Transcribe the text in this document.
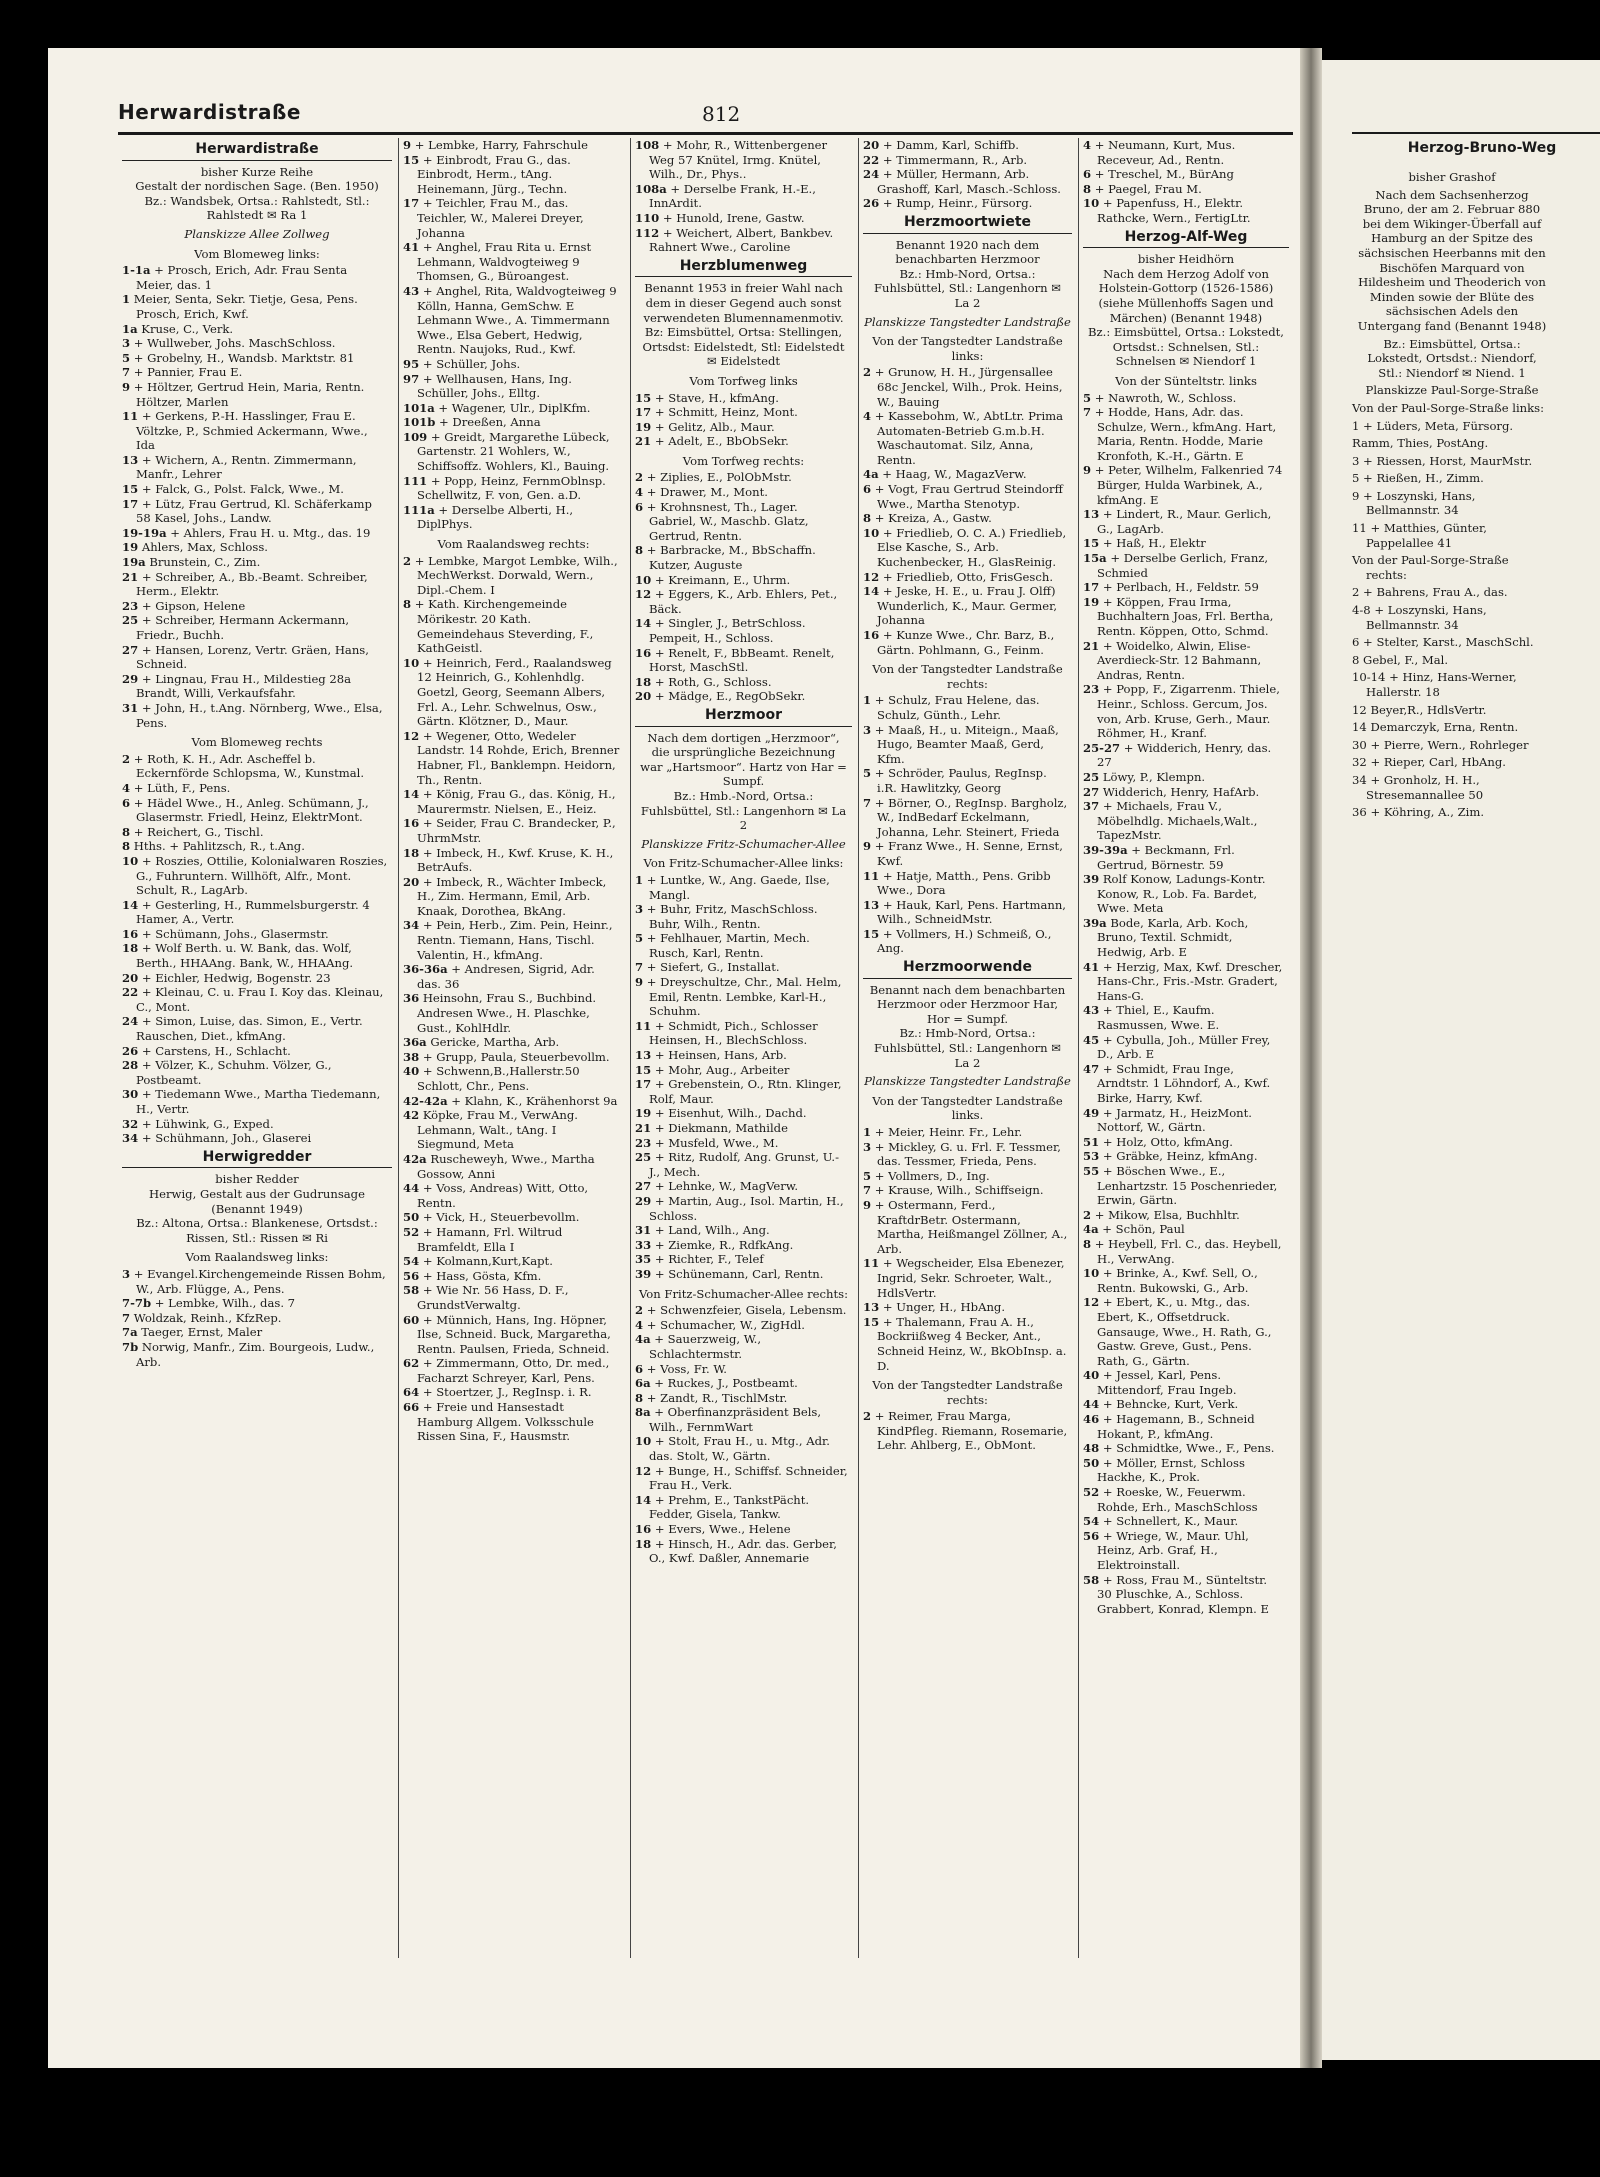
Herwardistraße	812
Herwardistraße

bisher Kurze Reihe

Gestalt der nordischen Sage. (Ben. 1950)

Bz.: Wandsbek, Ortsa.: Rahlstedt, Stl.: Rahlstedt ✉ Ra 1

Planskizze Allee Zollweg

Vom Blomeweg links:

1-1a + Prosch, Erich, Adr. Frau Senta Meier, das. 1

1 Meier, Senta, Sekr. Tietje, Gesa, Pens. Prosch, Erich, Kwf.

1a Kruse, C., Verk.

3 + Wullweber, Johs. MaschSchloss.

5 + Grobelny, H., Wandsb. Marktstr. 81

7 + Pannier, Frau E.

9 + Höltzer, Gertrud Hein, Maria, Rentn. Höltzer, Marlen

11 + Gerkens, P.-H. Hasslinger, Frau E. Völtzke, P., Schmied Ackermann, Wwe., Ida

13 + Wichern, A., Rentn. Zimmermann, Manfr., Lehrer

15 + Falck, G., Polst. Falck, Wwe., M.

17 + Lütz, Frau Gertrud, Kl. Schäferkamp 58 Kasel, Johs., Landw.

19-19a + Ahlers, Frau H. u. Mtg., das. 19

19 Ahlers, Max, Schloss.

19a Brunstein, C., Zim.

21 + Schreiber, A., Bb.-Beamt. Schreiber, Herm., Elektr.

23 + Gipson, Helene

25 + Schreiber, Hermann Ackermann, Friedr., Buchh.

27 + Hansen, Lorenz, Vertr. Gräen, Hans, Schneid.

29 + Lingnau, Frau H., Mildestieg 28a Brandt, Willi, Verkaufsfahr.

31 + John, H., t.Ang. Nörnberg, Wwe., Elsa, Pens.

Vom Blomeweg rechts

2 + Roth, K. H., Adr. Ascheffel b. Eckernförde Schlopsma, W., Kunstmal.

4 + Lüth, F., Pens.

6 + Hädel Wwe., H., Anleg. Schümann, J., Glasermstr. Friedl, Heinz, ElektrMont.

8 + Reichert, G., Tischl.

8 Hths. + Pahlitzsch, R., t.Ang.

10 + Roszies, Ottilie, Kolonialwaren Roszies, G., Fuhruntern. Willhöft, Alfr., Mont. Schult, R., LagArb.

14 + Gesterling, H., Rummelsburgerstr. 4 Hamer, A., Vertr.

16 + Schümann, Johs., Glasermstr.

18 + Wolf Berth. u. W. Bank, das. Wolf, Berth., HHAAng. Bank, W., HHAAng.

20 + Eichler, Hedwig, Bogenstr. 23

22 + Kleinau, C. u. Frau I. Koy das. Kleinau, C., Mont.

24 + Simon, Luise, das. Simon, E., Vertr. Rauschen, Diet., kfmAng.

26 + Carstens, H., Schlacht.

28 + Völzer, K., Schuhm. Völzer, G., Postbeamt.

30 + Tiedemann Wwe., Martha Tiedemann, H., Vertr.

32 + Lühwink, G., Exped.

34 + Schühmann, Joh., Glaserei

Herwigredder

bisher Redder

Herwig, Gestalt aus der Gudrunsage (Benannt 1949)

Bz.: Altona, Ortsa.: Blankenese, Ortsdst.: Rissen, Stl.: Rissen ✉ Ri

Vom Raalandsweg links:

3 + Evangel.Kirchengemeinde Rissen Bohm, W., Arb. Flügge, A., Pens.

7-7b + Lembke, Wilh., das. 7

7 Woldzak, Reinh., KfzRep.

7a Taeger, Ernst, Maler

7b Norwig, Manfr., Zim. Bourgeois, Ludw., Arb.

9 + Lembke, Harry, Fahrschule

15 + Einbrodt, Frau G., das. Einbrodt, Herm., tAng. Heinemann, Jürg., Techn.

17 + Teichler, Frau M., das. Teichler, W., Malerei Dreyer, Johanna

41 + Anghel, Frau Rita u. Ernst Lehmann, Waldvogteiweg 9 Thomsen, G., Büroangest.

43 + Anghel, Rita, Waldvogteiweg 9 Kölln, Hanna, GemSchw. E Lehmann Wwe., A. Timmermann Wwe., Elsa Gebert, Hedwig, Rentn. Naujoks, Rud., Kwf.

95 + Schüller, Johs.

97 + Wellhausen, Hans, Ing. Schüller, Johs., Elltg.

101a + Wagener, Ulr., DiplKfm.

101b + Dreeßen, Anna

109 + Greidt, Margarethe Lübeck, Gartenstr. 21 Wohlers, W., Schiffsoffz. Wohlers, Kl., Bauing.

111 + Popp, Heinz, FernmOblnsp. Schellwitz, F. von, Gen. a.D.

111a + Derselbe Alberti, H., DiplPhys.

Vom Raalandsweg rechts:

2 + Lembke, Margot Lembke, Wilh., MechWerkst. Dorwald, Wern., Dipl.-Chem. I

8 + Kath. Kirchengemeinde Mörikestr. 20 Kath. Gemeindehaus Steverding, F., KathGeistl.

10 + Heinrich, Ferd., Raalandsweg 12 Heinrich, G., Kohlenhdlg. Goetzl, Georg, Seemann Albers, Frl. A., Lehr. Schwelnus, Osw., Gärtn. Klötzner, D., Maur.

12 + Wegener, Otto, Wedeler Landstr. 14 Rohde, Erich, Brenner Habner, Fl., Banklempn. Heidorn, Th., Rentn.

14 + König, Frau G., das. König, H., Maurermstr. Nielsen, E., Heiz.

16 + Seider, Frau C. Brandecker, P., UhrmMstr.

18 + Imbeck, H., Kwf. Kruse, K. H., BetrAufs.

20 + Imbeck, R., Wächter Imbeck, H., Zim. Hermann, Emil, Arb. Knaak, Dorothea, BkAng.

34 + Pein, Herb., Zim. Pein, Heinr., Rentn. Tiemann, Hans, Tischl. Valentin, H., kfmAng.

36-36a + Andresen, Sigrid, Adr. das. 36

36 Heinsohn, Frau S., Buchbind. Andresen Wwe., H. Plaschke, Gust., KohlHdlr.

36a Gericke, Martha, Arb.

38 + Grupp, Paula, Steuerbevollm.

40 + Schwenn,B.,Hallerstr.50 Schlott, Chr., Pens.

42-42a + Klahn, K., Krähenhorst 9a

42 Köpke, Frau M., VerwAng. Lehmann, Walt., tAng. I Siegmund, Meta

42a Ruscheweyh, Wwe., Martha Gossow, Anni

44 + Voss, Andreas) Witt, Otto, Rentn.

50 + Vick, H., Steuerbevollm.

52 + Hamann, Frl. Wiltrud Bramfeldt, Ella I

54 + Kolmann,Kurt,Kapt.

56 + Hass, Gösta, Kfm.

58 + Wie Nr. 56 Hass, D. F., GrundstVerwaltg.

60 + Münnich, Hans, Ing. Höpner, Ilse, Schneid. Buck, Margaretha, Rentn. Paulsen, Frieda, Schneid.

62 + Zimmermann, Otto, Dr. med., Facharzt Schreyer, Karl, Pens.

64 + Stoertzer, J., RegInsp. i. R.

66 + Freie und Hansestadt Hamburg Allgem. Volksschule Rissen Sina, F., Hausmstr.

108 + Mohr, R., Wittenbergener Weg 57 Knütel, Irmg. Knütel, Wilh., Dr., Phys..

108a + Derselbe Frank, H.-E., InnArdit.

110 + Hunold, Irene, Gastw.

112 + Weichert, Albert, Bankbev. Rahnert Wwe., Caroline

Herzblumenweg

Benannt 1953 in freier Wahl nach dem in dieser Gegend auch sonst verwendeten Blumennamenmotiv.

Bz: Eimsbüttel, Ortsa: Stellingen, Ortsdst: Eidelstedt, Stl: Eidelstedt ✉ Eidelstedt

Vom Torfweg links

15 + Stave, H., kfmAng.

17 + Schmitt, Heinz, Mont.

19 + Gelitz, Alb., Maur.

21 + Adelt, E., BbObSekr.

Vom Torfweg rechts:

2 + Ziplies, E., PolObMstr.

4 + Drawer, M., Mont.

6 + Krohnsnest, Th., Lager. Gabriel, W., Maschb. Glatz, Gertrud, Rentn.

8 + Barbracke, M., BbSchaffn. Kutzer, Auguste

10 + Kreimann, E., Uhrm.

12 + Eggers, K., Arb. Ehlers, Pet., Bäck.

14 + Singler, J., BetrSchloss. Pempeit, H., Schloss.

16 + Renelt, F., BbBeamt. Renelt, Horst, MaschStl.

18 + Roth, G., Schloss.

20 + Mädge, E., RegObSekr.

Herzmoor

Nach dem dortigen „Herzmoor“, die ursprüngliche Bezeichnung war „Hartsmoor“. Hartz von Har = Sumpf.

Bz.: Hmb.-Nord, Ortsa.: Fuhlsbüttel, Stl.: Langenhorn ✉ La 2

Planskizze Fritz-Schumacher-Allee

Von Fritz-Schumacher-Allee links:

1 + Luntke, W., Ang. Gaede, Ilse, Mangl.

3 + Buhr, Fritz, MaschSchloss. Buhr, Wilh., Rentn.

5 + Fehlhauer, Martin, Mech. Rusch, Karl, Rentn.

7 + Siefert, G., Installat.

9 + Dreyschultze, Chr., Mal. Helm, Emil, Rentn. Lembke, Karl-H., Schuhm.

11 + Schmidt, Pich., Schlosser Heinsen, H., BlechSchloss.

13 + Heinsen, Hans, Arb.

15 + Mohr, Aug., Arbeiter

17 + Grebenstein, O., Rtn. Klinger, Rolf, Maur.

19 + Eisenhut, Wilh., Dachd.

21 + Diekmann, Mathilde

23 + Musfeld, Wwe., M.

25 + Ritz, Rudolf, Ang. Grunst, U.-J., Mech.

27 + Lehnke, W., MagVerw.

29 + Martin, Aug., Isol. Martin, H., Schloss.

31 + Land, Wilh., Ang.

33 + Ziemke, R., RdfkAng.

35 + Richter, F., Telef

39 + Schünemann, Carl, Rentn.

Von Fritz-Schumacher-Allee rechts:

2 + Schwenzfeier, Gisela, Lebensm.

4 + Schumacher, W., ZigHdl.

4a + Sauerzweig, W., Schlachtermstr.

6 + Voss, Fr. W.

6a + Ruckes, J., Postbeamt.

8 + Zandt, R., TischlMstr.

8a + Oberfinanzpräsident Bels, Wilh., FernmWart

10 + Stolt, Frau H., u. Mtg., Adr. das. Stolt, W., Gärtn.

12 + Bunge, H., Schiffsf. Schneider, Frau H., Verk.

14 + Prehm, E., TankstPächt. Fedder, Gisela, Tankw.

16 + Evers, Wwe., Helene

18 + Hinsch, H., Adr. das. Gerber, O., Kwf. Daßler, Annemarie

20 + Damm, Karl, Schiffb.

22 + Timmermann, R., Arb.

24 + Müller, Hermann, Arb. Grashoff, Karl, Masch.-Schloss.

26 + Rump, Heinr., Fürsorg.

Herzmoortwiete

Benannt 1920 nach dem benachbarten Herzmoor

Bz.: Hmb-Nord, Ortsa.: Fuhlsbüttel, Stl.: Langenhorn ✉ La 2

Planskizze Tangstedter Landstraße

Von der Tangstedter Landstraße links:

2 + Grunow, H. H., Jürgensallee 68c Jenckel, Wilh., Prok. Heins, W., Bauing

4 + Kassebohm, W., AbtLtr. Prima Automaten-Betrieb G.m.b.H. Waschautomat. Silz, Anna, Rentn.

4a + Haag, W., MagazVerw.

6 + Vogt, Frau Gertrud Steindorff Wwe., Martha Stenotyp.

8 + Kreiza, A., Gastw.

10 + Friedlieb, O. C. A.) Friedlieb, Else Kasche, S., Arb. Kuchenbecker, H., GlasReinig.

12 + Friedlieb, Otto, FrisGesch.

14 + Jeske, H. E., u. Frau J. Olff) Wunderlich, K., Maur. Germer, Johanna

16 + Kunze Wwe., Chr. Barz, B., Gärtn. Pohlmann, G., Feinm.

Von der Tangstedter Landstraße rechts:

1 + Schulz, Frau Helene, das. Schulz, Günth., Lehr.

3 + Maaß, H., u. Miteign., Maaß, Hugo, Beamter Maaß, Gerd, Kfm.

5 + Schröder, Paulus, RegInsp. i.R. Hawlitzky, Georg

7 + Börner, O., RegInsp. Bargholz, W., IndBedarf Eckelmann, Johanna, Lehr. Steinert, Frieda

9 + Franz Wwe., H. Senne, Ernst, Kwf.

11 + Hatje, Matth., Pens. Gribb Wwe., Dora

13 + Hauk, Karl, Pens. Hartmann, Wilh., SchneidMstr.

15 + Vollmers, H.) Schmeiß, O., Ang.

Herzmoorwende

Benannt nach dem benachbarten Herzmoor oder Herzmoor Har, Hor = Sumpf.

Bz.: Hmb-Nord, Ortsa.: Fuhlsbüttel, Stl.: Langenhorn ✉ La 2

Planskizze Tangstedter Landstraße

Von der Tangstedter Landstraße links.

1 + Meier, Heinr. Fr., Lehr.

3 + Mickley, G. u. Frl. F. Tessmer, das. Tessmer, Frieda, Pens.

5 + Vollmers, D., Ing.

7 + Krause, Wilh., Schiffseign.

9 + Ostermann, Ferd., KraftdrBetr. Ostermann, Martha, Heißmangel Zöllner, A., Arb.

11 + Wegscheider, Elsa Ebenezer, Ingrid, Sekr. Schroeter, Walt., HdlsVertr.

13 + Unger, H., HbAng.

15 + Thalemann, Frau A. H., Bockriißweg 4 Becker, Ant., Schneid Heinz, W., BkObInsp. a. D.

Von der Tangstedter Landstraße rechts:

2 + Reimer, Frau Marga, KindPfleg. Riemann, Rosemarie, Lehr. Ahlberg, E., ObMont.

4 + Neumann, Kurt, Mus. Receveur, Ad., Rentn.

6 + Treschel, M., BürAng

8 + Paegel, Frau M.

10 + Papenfuss, H., Elektr. Rathcke, Wern., FertigLtr.

Herzog-Alf-Weg

bisher Heidhörn

Nach dem Herzog Adolf von Holstein-Gottorp (1526-1586) (siehe Müllenhoffs Sagen und Märchen) (Benannt 1948)

Bz.: Eimsbüttel, Ortsa.: Lokstedt, Ortsdst.: Schnelsen, Stl.: Schnelsen ✉ Niendorf 1

Von der Sünteltstr. links

5 + Nawroth, W., Schloss.

7 + Hodde, Hans, Adr. das. Schulze, Wern., kfmAng. Hart, Maria, Rentn. Hodde, Marie Kronfoth, K.-H., Gärtn. E

9 + Peter, Wilhelm, Falkenried 74 Bürger, Hulda Warbinek, A., kfmAng. E

13 + Lindert, R., Maur. Gerlich, G., LagArb.

15 + Haß, H., Elektr

15a + Derselbe Gerlich, Franz, Schmied

17 + Perlbach, H., Feldstr. 59

19 + Köppen, Frau Irma, Buchhaltern Joas, Frl. Bertha, Rentn. Köppen, Otto, Schmd.

21 + Woidelko, Alwin, Elise-Averdieck-Str. 12 Bahmann, Andras, Rentn.

23 + Popp, F., Zigarrenm. Thiele, Heinr., Schloss. Gercum, Jos. von, Arb. Kruse, Gerh., Maur. Röhmer, H., Kranf.

25-27 + Widderich, Henry, das. 27

25 Löwy, P., Klempn.

27 Widderich, Henry, HafArb.

37 + Michaels, Frau V., Möbelhdlg. Michaels,Walt., TapezMstr.

39-39a + Beckmann, Frl. Gertrud, Börnestr. 59

39 Rolf Konow, Ladungs-Kontr. Konow, R., Lob. Fa. Bardet, Wwe. Meta

39a Bode, Karla, Arb. Koch, Bruno, Textil. Schmidt, Hedwig, Arb. E

41 + Herzig, Max, Kwf. Drescher, Hans-Chr., Fris.-Mstr. Gradert, Hans-G.

43 + Thiel, E., Kaufm. Rasmussen, Wwe. E.

45 + Cybulla, Joh., Müller Frey, D., Arb. E

47 + Schmidt, Frau Inge, Arndtstr. 1 Löhndorf, A., Kwf. Birke, Harry, Kwf.

49 + Jarmatz, H., HeizMont. Nottorf, W., Gärtn.

51 + Holz, Otto, kfmAng.

53 + Gräbke, Heinz, kfmAng.

55 + Böschen Wwe., E., Lenhartzstr. 15 Poschenrieder, Erwin, Gärtn.

2 + Mikow, Elsa, Buchhltr.

4a + Schön, Paul

8 + Heybell, Frl. C., das. Heybell, H., VerwAng.

10 + Brinke, A., Kwf. Sell, O., Rentn. Bukowski, G., Arb.

12 + Ebert, K., u. Mtg., das. Ebert, K., Offsetdruck. Gansauge, Wwe., H. Rath, G., Gastw. Greve, Gust., Pens. Rath, G., Gärtn.

40 + Jessel, Karl, Pens. Mittendorf, Frau Ingeb.

44 + Behncke, Kurt, Verk.

46 + Hagemann, B., Schneid Hokant, P., kfmAng.

48 + Schmidtke, Wwe., F., Pens.

50 + Möller, Ernst, Schloss Hackhe, K., Prok.

52 + Roeske, W., Feuerwm. Rohde, Erh., MaschSchloss

54 + Schnellert, K., Maur.

56 + Wriege, W., Maur. Uhl, Heinz, Arb. Graf, H., Elektroinstall.

58 + Ross, Frau M., Sünteltstr. 30 Pluschke, A., Schloss. Grabbert, Konrad, Klempn. E

Herzog-Bruno-Weg

bisher Grashof

Nach dem Sachsenherzog Bruno, der am 2. Februar 880 bei dem Wikinger-Überfall auf Hamburg an der Spitze des sächsischen Heerbanns mit den Bischöfen Marquard von Hildesheim und Theoderich von Minden sowie der Blüte des sächsischen Adels den Untergang fand (Benannt 1948)

Bz.: Eimsbüttel, Ortsa.: Lokstedt, Ortsdst.: Niendorf, Stl.: Niendorf ✉ Niend. 1

Planskizze Paul-Sorge-Straße

Von der Paul-Sorge-Straße links:

1 + Lüders, Meta, Fürsorg.

Ramm, Thies, PostAng.

3 + Riessen, Horst, MaurMstr.

5 + Rießen, H., Zimm.

9 + Loszynski, Hans, Bellmannstr. 34

11 + Matthies, Günter, Pappelallee 41

Von der Paul-Sorge-Straße rechts:

2 + Bahrens, Frau A., das.

4-8 + Loszynski, Hans, Bellmannstr. 34

6 + Stelter, Karst., MaschSchl.

8 Gebel, F., Mal.

10-14 + Hinz, Hans-Werner, Hallerstr. 18

12 Beyer,R., HdlsVertr.

14 Demarczyk, Erna, Rentn.

30 + Pierre, Wern., Rohrleger

32 + Rieper, Carl, HbAng.

34 + Gronholz, H. H., Stresemannallee 50

36 + Köhring, A., Zim.
